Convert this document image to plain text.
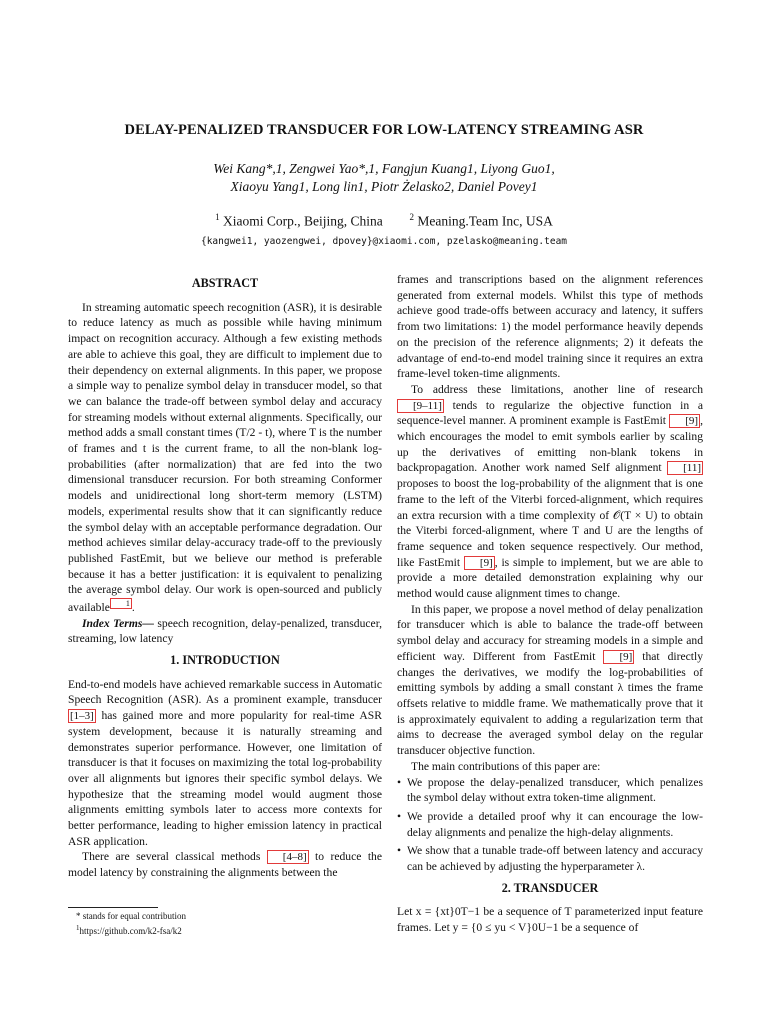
DELAY-PENALIZED TRANSDUCER FOR LOW-LATENCY STREAMING ASR
Wei Kang*,1, Zengwei Yao*,1, Fangjun Kuang1, Liyong Guo1,
Xiaoyu Yang1, Long lin1, Piotr Żelasko2, Daniel Povey1
$^1$ Xiaomi Corp., Beijing, China	$^2$ Meaning.Team Inc, USA
{kangwei1, yaozengwei, dpovey}@xiaomi.com, pzelasko@meaning.team
ABSTRACT

In streaming automatic speech recognition (ASR), it is desirable to reduce latency as much as possible while having minimum impact on recognition accuracy. Although a few existing methods are able to achieve this goal, they are difficult to implement due to their dependency on external alignments. In this paper, we propose a simple way to penalize symbol delay in transducer model, so that we can balance the trade-off between symbol delay and accuracy for streaming models without external alignments. Specifically, our method adds a small constant times (T/2 - t), where T is the number of frames and t is the current frame, to all the non-blank log-probabilities (after normalization) that are fed into the two dimensional transducer recursion. For both streaming Conformer models and unidirectional long short-term memory (LSTM) models, experimental results show that it can significantly reduce the symbol delay with an acceptable performance degradation. Our method achieves similar delay-accuracy trade-off to the previously published FastEmit, but we believe our method is preferable because it has a better justification: it is equivalent to penalizing the average symbol delay. Our work is open-sourced and publicly available 1 .

Index Terms— speech recognition, delay-penalized, transducer, streaming, low latency

1. INTRODUCTION

End-to-end models have achieved remarkable success in Automatic Speech Recognition (ASR). As a prominent example, transducer [1–3] has gained more and more popularity for real-time ASR system development, because it is naturally streaming and demonstrates superior performance. However, one limitation of transducer is that it focuses on maximizing the total log-probability over all alignments but ignores their specific symbol delays. We hypothesize that the streaming model would augment those alignments emitting symbols later to access more contexts for better performance, leading to higher emission latency in practical ASR application.

There are several classical methods [4–8] to reduce the model latency by constraining the alignments between the

frames and transcriptions based on the alignment references generated from external models. Whilst this type of methods achieve good trade-offs between accuracy and latency, it suffers from two limitations: 1) the model performance heavily depends on the precision of the reference alignments; 2) it defeats the advantage of end-to-end model training since it requires an extra frame-level token-time alignments.

To address these limitations, another line of research [9–11] tends to regularize the objective function in a sequence-level manner. A prominent example is FastEmit [9] , which encourages the model to emit symbols earlier by scaling up the derivatives of emitting non-blank tokens in backpropagation. Another work named Self alignment [11] proposes to boost the log-probability of the alignment that is one frame to the left of the Viterbi forced-alignment, which requires an extra recursion with a time complexity of 𝒪(T × U) to obtain the Viterbi forced-alignment, where T and U are the lengths of frame sequence and token sequence respectively. Our method, like FastEmit [9] , is simple to implement, but we are able to provide a more detailed demonstration explaining why our method would cause alignment times to change.

In this paper, we propose a novel method of delay penalization for transducer which is able to balance the trade-off between symbol delay and accuracy for streaming models in a simple and efficient way. Different from FastEmit [9] that directly changes the derivatives, we modify the log-probabilities of emitting symbols by adding a small constant λ times the frame offsets relative to middle frame. We mathematically prove that it is approximately equivalent to adding a regularization term that aims to decrease the averaged symbol delay on the regular transducer objective function.

The main contributions of this paper are:

• We propose the delay-penalized transducer, which penalizes the symbol delay without extra token-time alignment.
• We provide a detailed proof why it can encourage the low-delay alignments and penalize the high-delay alignments.
• We show that a tunable trade-off between latency and accuracy can be achieved by adjusting the hyperparameter λ.
2. TRANSDUCER

Let x = {xt}0T−1 be a sequence of T parameterized input feature frames. Let y = {0 ≤ yu < V}0U−1 be a sequence of

* stands for equal contribution
$^1$https://github.com/k2-fsa/k2
